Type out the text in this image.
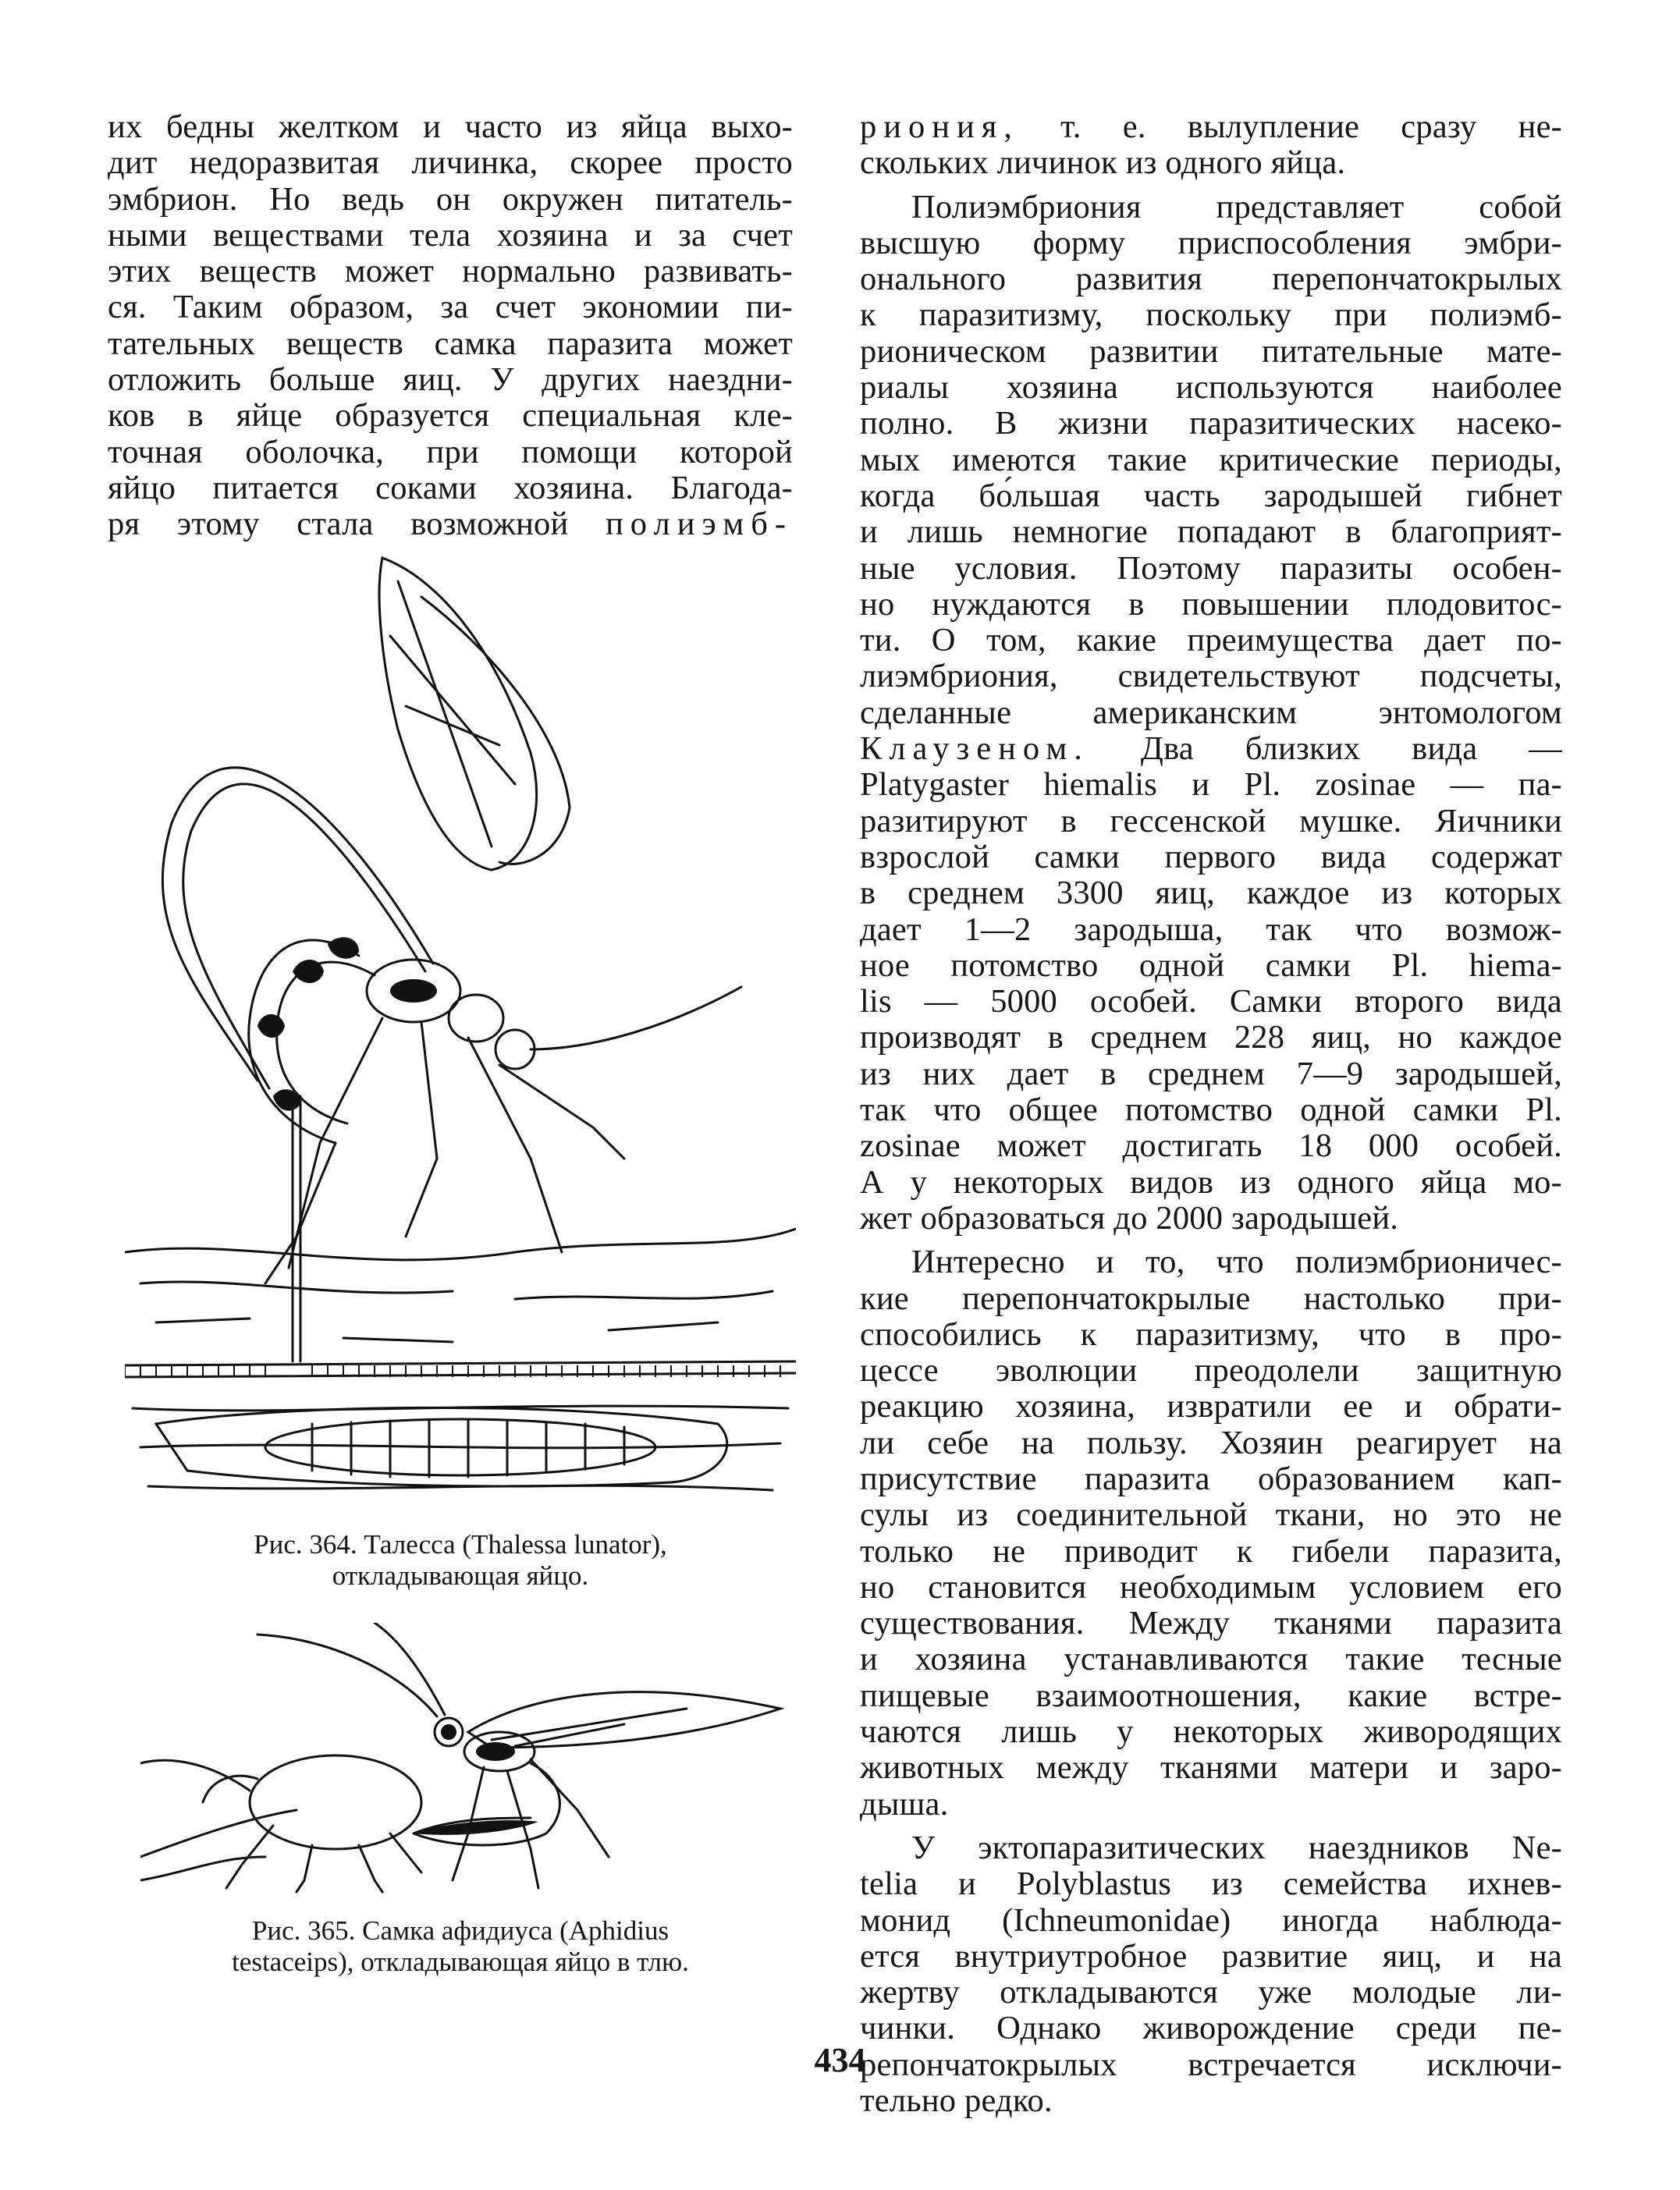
их бедны желтком и часто из яйца выхо-
дит недоразвитая личинка, скорее просто
эмбрион. Но ведь он окружен питатель-
ными веществами тела хозяина и за счет
этих веществ может нормально развивать-
ся. Таким образом, за счет экономии пи-
тательных веществ самка паразита может
отложить больше яиц. У других наездни-
ков в яйце образуется специальная кле-
точная оболочка, при помощи которой
яйцо питается соками хозяина. Благода-
ря этому стала возможной полиэмб-

Рис. 364. Талесса (Thalessa lunator),
откладывающая яйцо.
Рис. 365. Самка афидиуса (Aphidius
testaceips), откладывающая яйцо в тлю.

риония, т. е. вылупление сразу не-
скольких личинок из одного яйца.

Полиэмбриония представляет собой
высшую форму приспособления эмбри-
онального развития перепончатокрылых
к паразитизму, поскольку при полиэмб-
рионическом развитии питательные мате-
риалы хозяина используются наиболее
полно. В жизни паразитических насеко-
мых имеются такие критические периоды,
когда бо́льшая часть зародышей гибнет
и лишь немногие попадают в благоприят-
ные условия. Поэтому паразиты особен-
но нуждаются в повышении плодовитос-
ти. О том, какие преимущества дает по-
лиэмбриония, свидетельствуют подсчеты,
сделанные американским энтомологом
Клаузеном. Два близких вида —
Platygaster hiemalis и Pl. zosinae — па-
разитируют в гессенской мушке. Яичники
взрослой самки первого вида содержат
в среднем 3300 яиц, каждое из которых
дает 1—2 зародыша, так что возмож-
ное потомство одной самки Pl. hiema-
lis — 5000 особей. Самки второго вида
производят в среднем 228 яиц, но каждое
из них дает в среднем 7—9 зародышей,
так что общее потомство одной самки Pl.
zosinae может достигать 18 000 особей.
А у некоторых видов из одного яйца мо-
жет образоваться до 2000 зародышей.

Интересно и то, что полиэмбрионичес-
кие перепончатокрылые настолько при-
способились к паразитизму, что в про-
цессе эволюции преодолели защитную
реакцию хозяина, извратили ее и обрати-
ли себе на пользу. Хозяин реагирует на
присутствие паразита образованием кап-
сулы из соединительной ткани, но это не
только не приводит к гибели паразита,
но становится необходимым условием его
существования. Между тканями паразита
и хозяина устанавливаются такие тесные
пищевые взаимоотношения, какие встре-
чаются лишь у некоторых живородящих
животных между тканями матери и заро-
дыша.

У эктопаразитических наездников Ne-
telia и Polyblastus из семейства ихнев-
монид (Ichneumonidae) иногда наблюда-
ется внутриутробное развитие яиц, и на
жертву откладываются уже молодые ли-
чинки. Однако живорождение среди пе-
репончатокрылых встречается исключи-
тельно редко.

434
